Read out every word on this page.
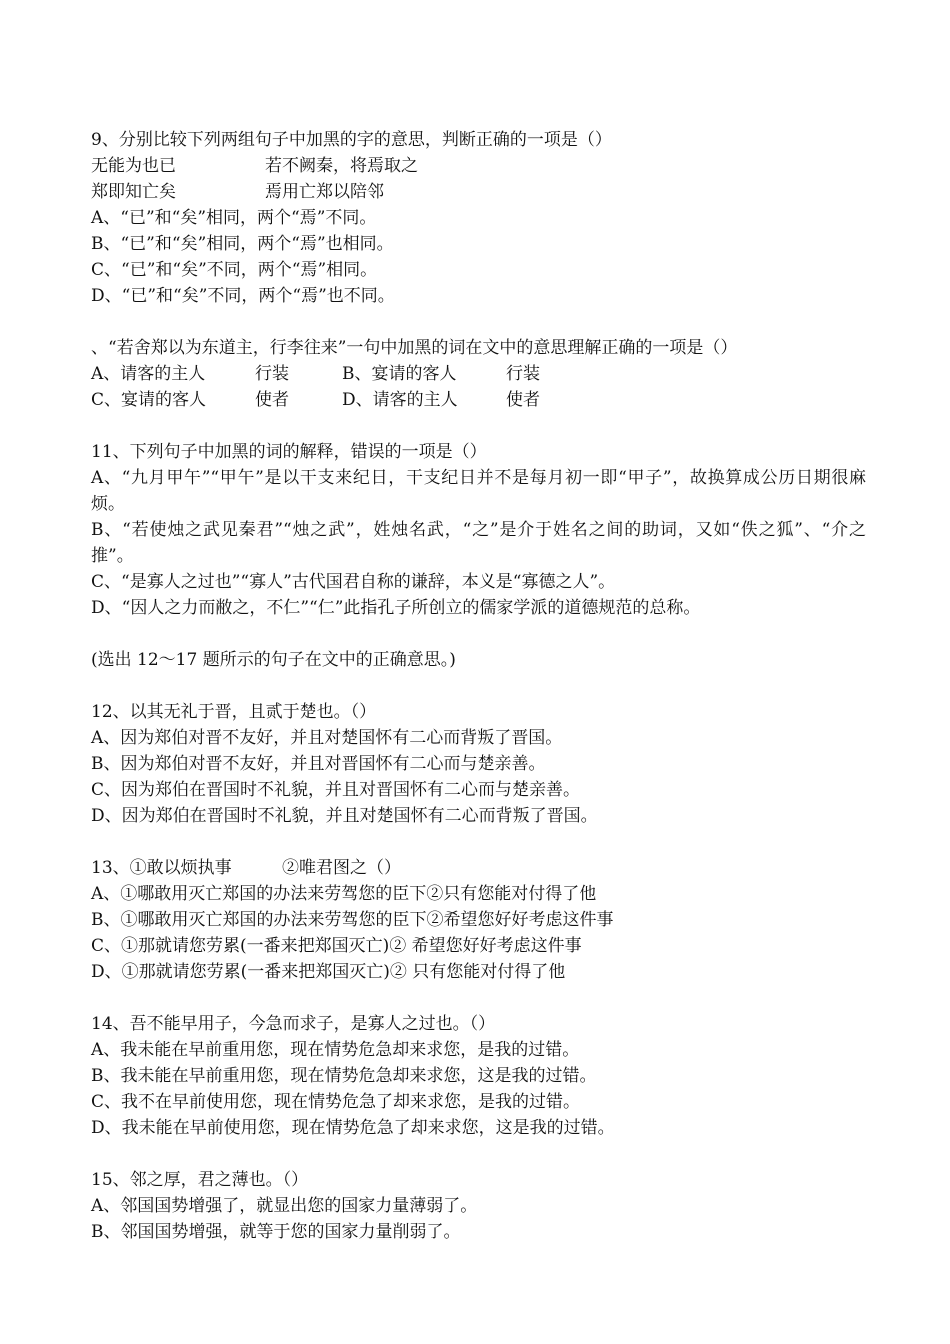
9、分别比较下列两组句子中加黑的字的意思，判断正确的一项是（）
无能为也已	若不阙秦，将焉取之
郑即知亡矣	焉用亡郑以陪邻
A、“已”和“矣”相同，两个“焉”不同。
B、“已”和“矣”相同，两个“焉”也相同。
C、“已”和“矣”不同，两个“焉”相同。
D、“已”和“矣”不同，两个“焉”也不同。
、“若舍郑以为东道主，行李往来”一句中加黑的词在文中的意思理解正确的一项是（）
A、请客的主人	行装	B、宴请的客人	行装
C、宴请的客人	使者	D、请客的主人	使者
11、下列句子中加黑的词的解释，错误的一项是（）
A、“九月甲午”“甲午”是以干支来纪日，干支纪日并不是每月初一即“甲子”，故换算成公历日期很麻烦。
B、“若使烛之武见秦君”“烛之武”，姓烛名武，“之”是介于姓名之间的助词，又如“佚之狐”、“介之推”。
C、“是寡人之过也”“寡人”古代国君自称的谦辞，本义是“寡德之人”。
D、“因人之力而敝之，不仁”“仁”此指孔子所创立的儒家学派的道德规范的总称。
(选出 12～17 题所示的句子在文中的正确意思。)
12、以其无礼于晋，且贰于楚也。（）
A、因为郑伯对晋不友好，并且对楚国怀有二心而背叛了晋国。
B、因为郑伯对晋不友好，并且对晋国怀有二心而与楚亲善。
C、因为郑伯在晋国时不礼貌，并且对晋国怀有二心而与楚亲善。
D、因为郑伯在晋国时不礼貌，并且对楚国怀有二心而背叛了晋国。
13、①敢以烦执事	②唯君图之（）
A、①哪敢用灭亡郑国的办法来劳驾您的臣下②只有您能对付得了他
B、①哪敢用灭亡郑国的办法来劳驾您的臣下②希望您好好考虑这件事
C、①那就请您劳累(一番来把郑国灭亡)② 希望您好好考虑这件事
D、①那就请您劳累(一番来把郑国灭亡)② 只有您能对付得了他
14、吾不能早用子，今急而求子，是寡人之过也。（）
A、我未能在早前重用您，现在情势危急却来求您，是我的过错。
B、我未能在早前重用您，现在情势危急却来求您，这是我的过错。
C、我不在早前使用您，现在情势危急了却来求您，是我的过错。
D、我未能在早前使用您，现在情势危急了却来求您，这是我的过错。
15、邻之厚，君之薄也。（）
A、邻国国势增强了，就显出您的国家力量薄弱了。
B、邻国国势增强，就等于您的国家力量削弱了。
